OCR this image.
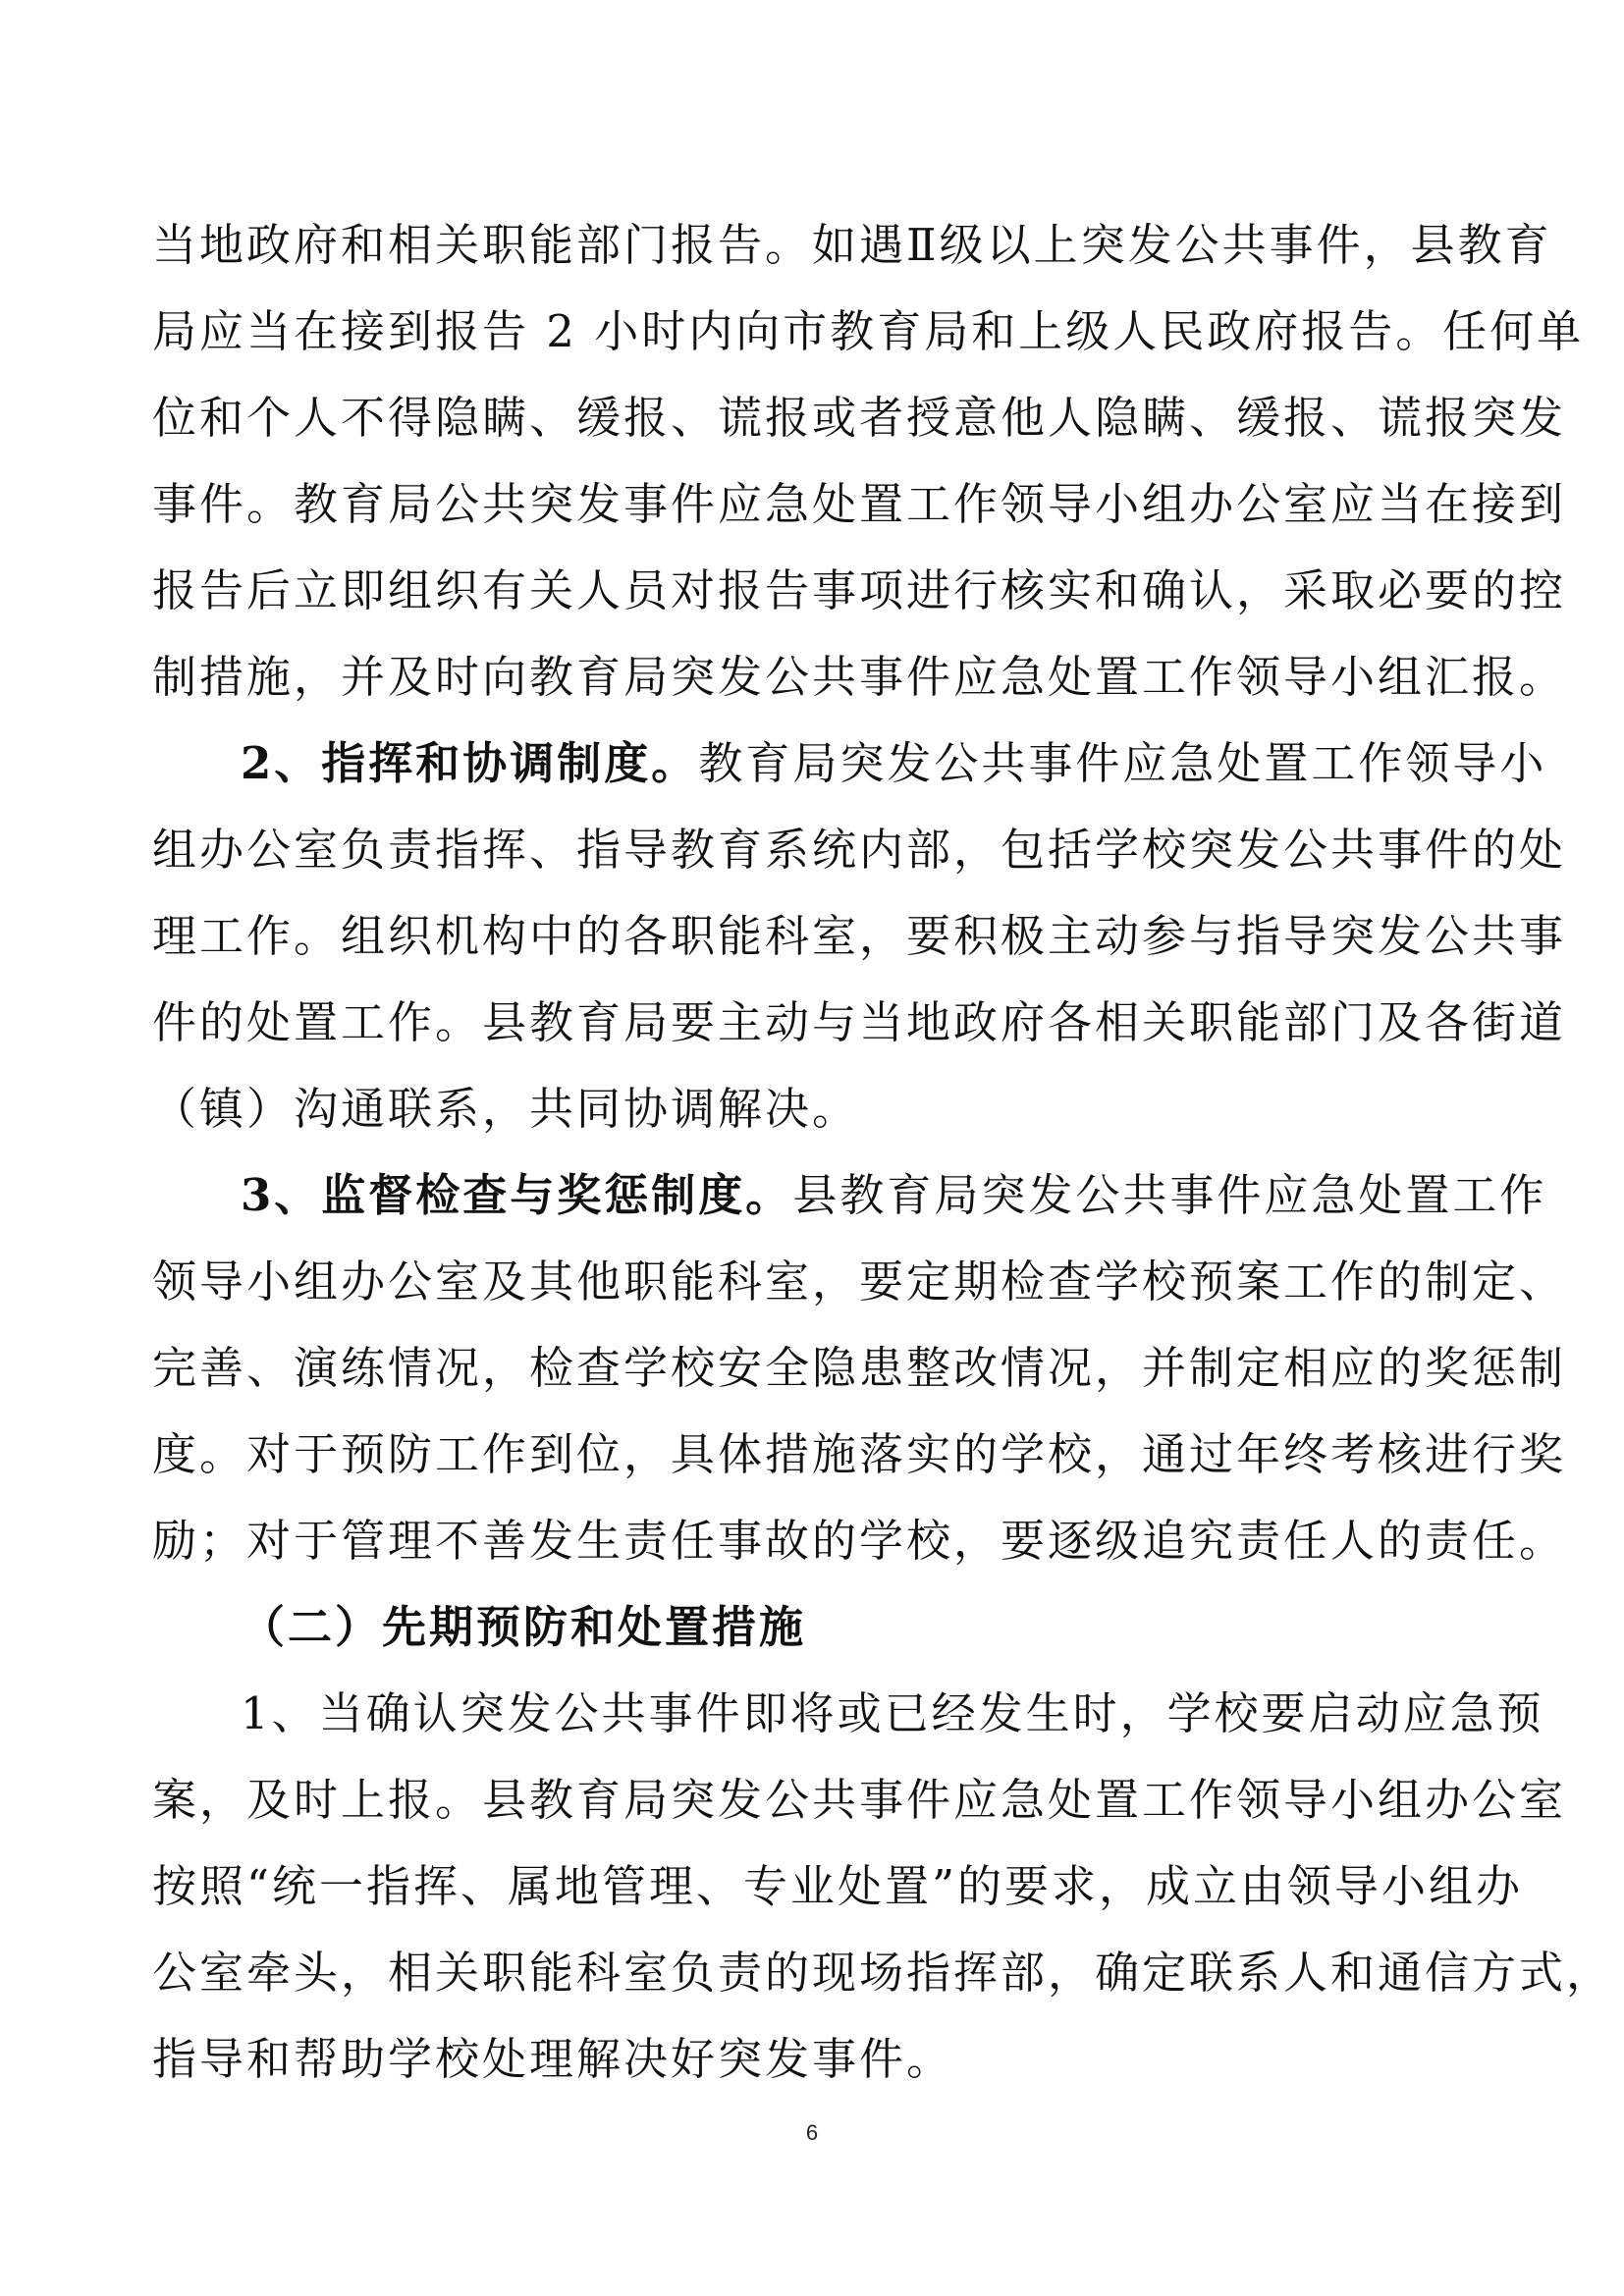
当地政府和相关职能部门报告。如遇Ⅱ级以上突发公共事件，县教育
局应当在接到报告 2 小时内向市教育局和上级人民政府报告。任何单
位和个人不得隐瞒、缓报、谎报或者授意他人隐瞒、缓报、谎报突发
事件。教育局公共突发事件应急处置工作领导小组办公室应当在接到
报告后立即组织有关人员对报告事项进行核实和确认，采取必要的控
制措施，并及时向教育局突发公共事件应急处置工作领导小组汇报。
2、指挥和协调制度。教育局突发公共事件应急处置工作领导小
组办公室负责指挥、指导教育系统内部，包括学校突发公共事件的处
理工作。组织机构中的各职能科室，要积极主动参与指导突发公共事
件的处置工作。县教育局要主动与当地政府各相关职能部门及各街道
（镇）沟通联系，共同协调解决。
3、监督检查与奖惩制度。县教育局突发公共事件应急处置工作
领导小组办公室及其他职能科室，要定期检查学校预案工作的制定、
完善、演练情况，检查学校安全隐患整改情况，并制定相应的奖惩制
度。对于预防工作到位，具体措施落实的学校，通过年终考核进行奖
励；对于管理不善发生责任事故的学校，要逐级追究责任人的责任。
（二）先期预防和处置措施
1、当确认突发公共事件即将或已经发生时，学校要启动应急预
案，及时上报。县教育局突发公共事件应急处置工作领导小组办公室
按照“统一指挥、属地管理、专业处置”的要求，成立由领导小组办
公室牵头，相关职能科室负责的现场指挥部，确定联系人和通信方式，
指导和帮助学校处理解决好突发事件。
6
